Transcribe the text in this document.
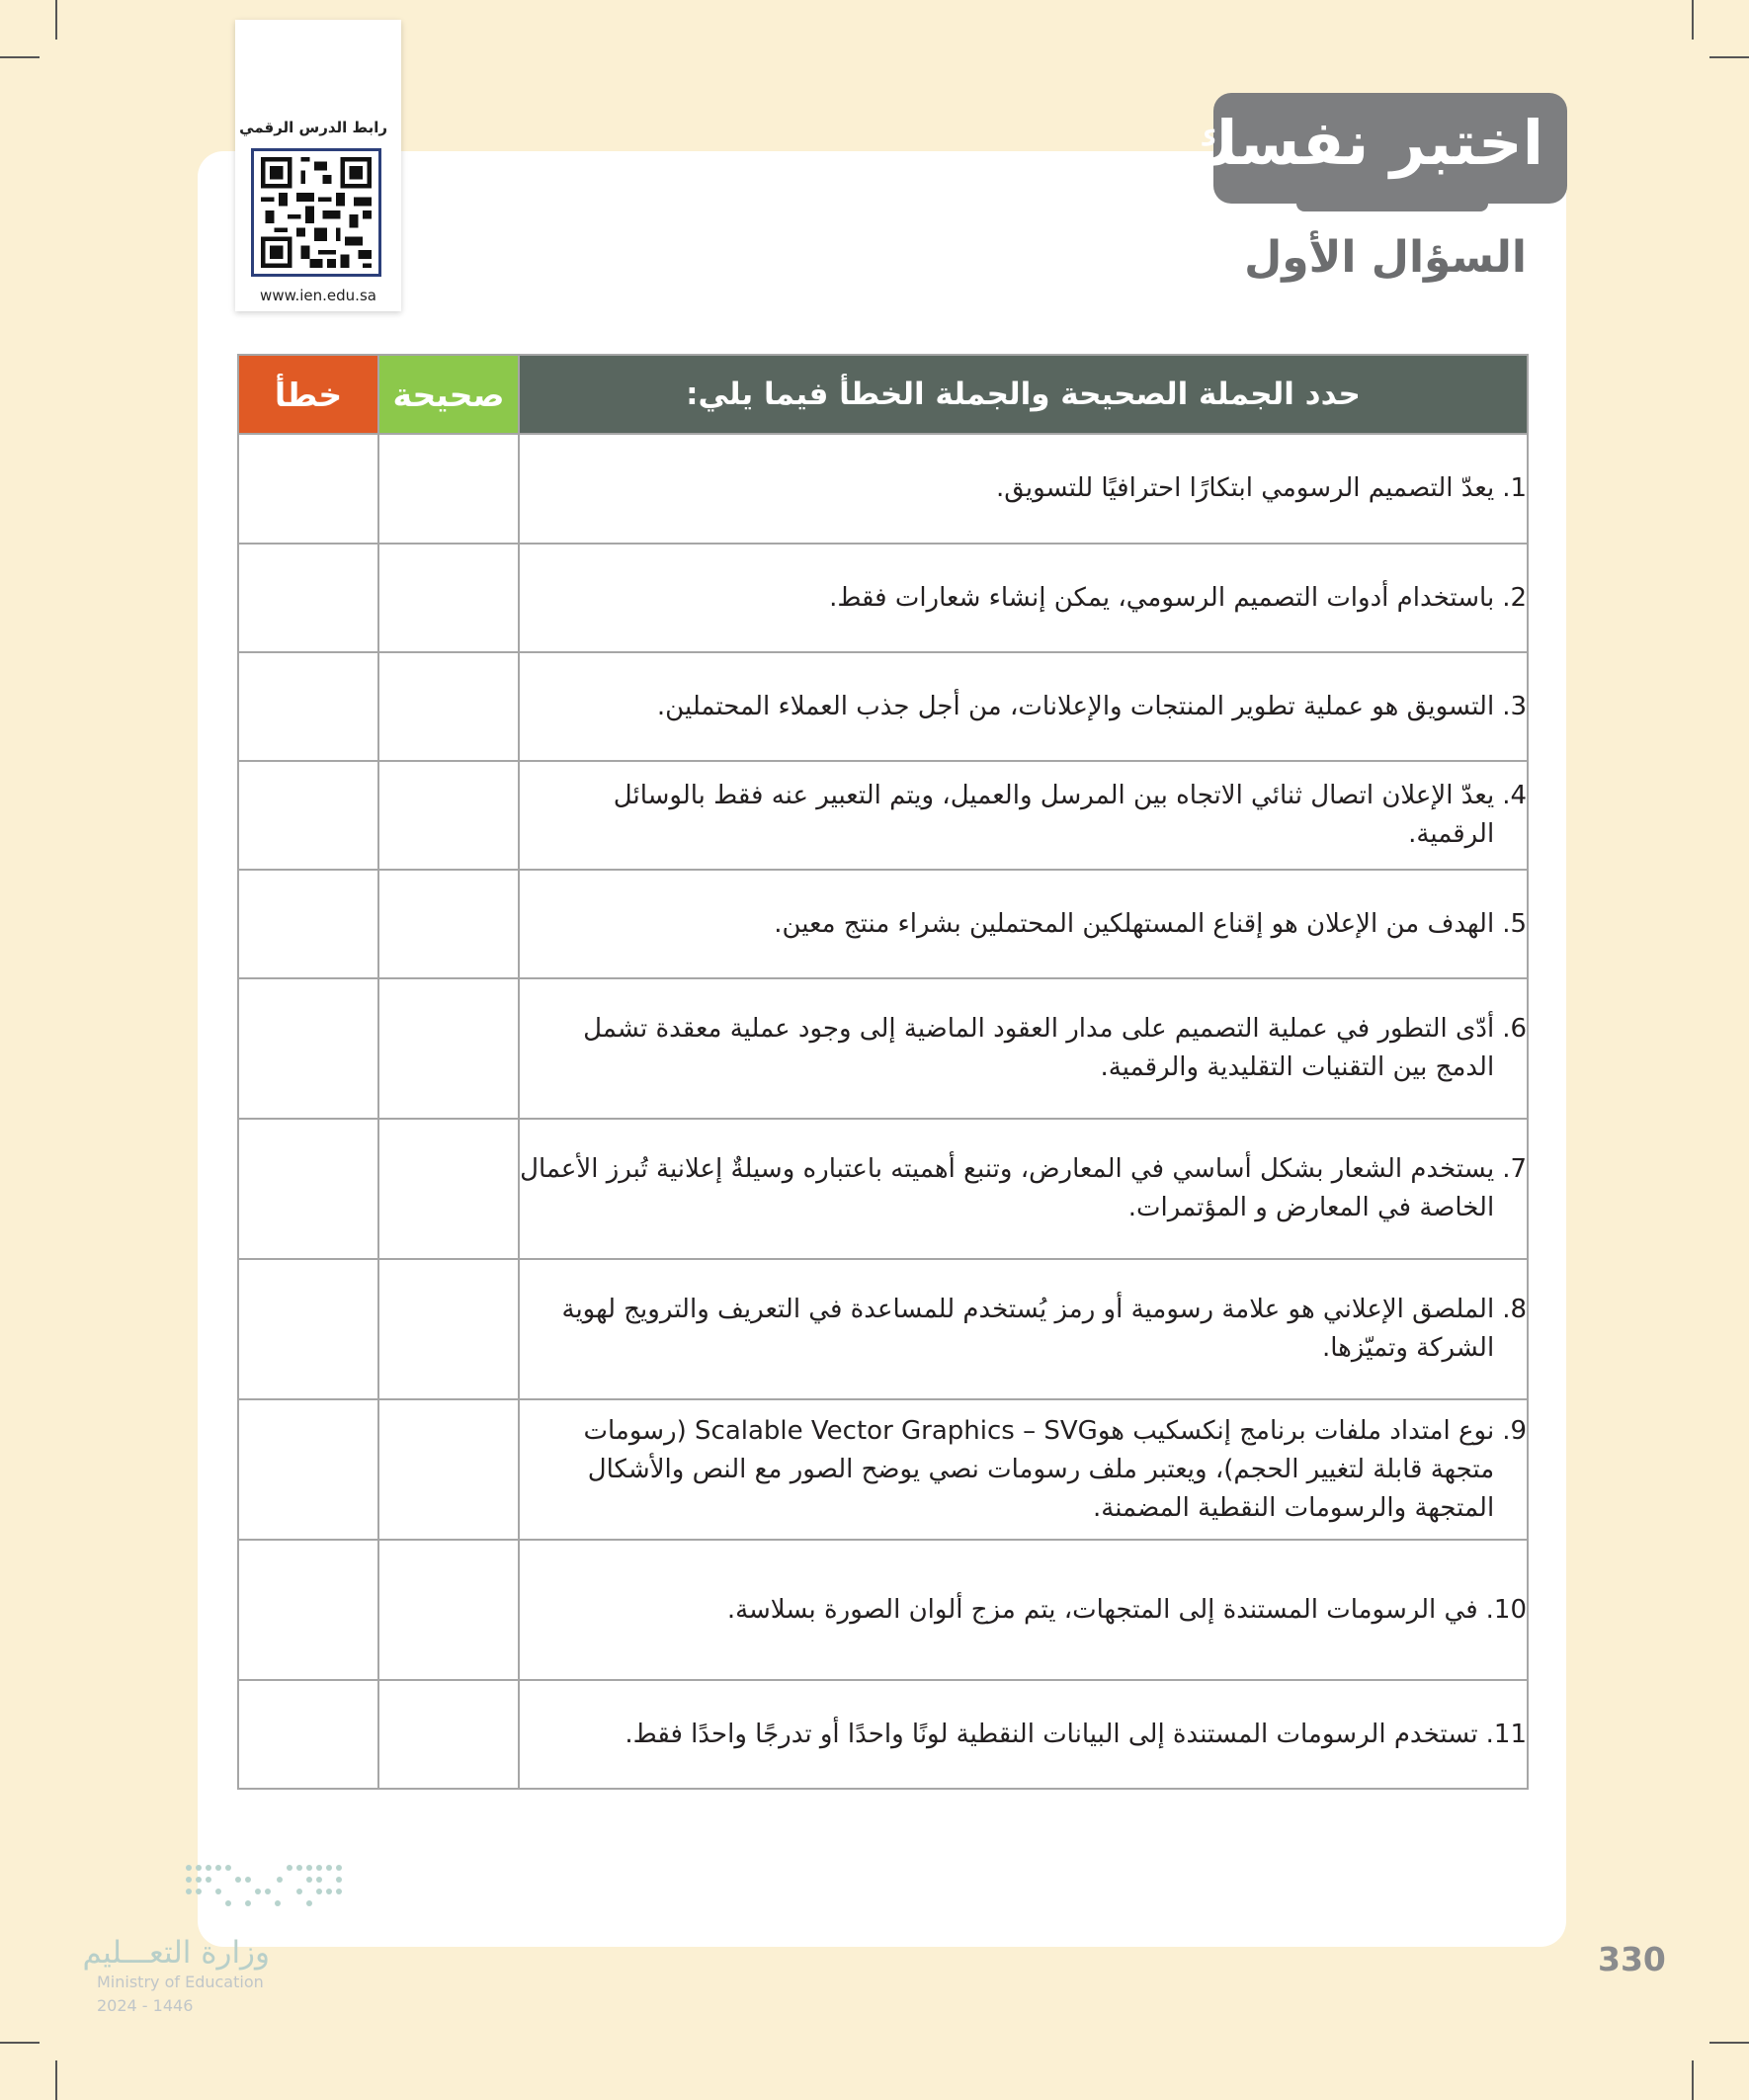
رابط الدرس الرقمي
www.ien.edu.sa
اختبر نفسك
السؤال الأول
حدد الجملة الصحيحة والجملة الخطأ فيما يلي:	صحيحة	خطأ

1.
يعدّ التصميم الرسومي ابتكارًا احترافيًا للتسويق.		

2.
باستخدام أدوات التصميم الرسومي، يمكن إنشاء شعارات فقط.		

3.
التسويق هو عملية تطوير المنتجات والإعلانات، من أجل جذب العملاء المحتملين.		

4.
يعدّ الإعلان اتصال ثنائي الاتجاه بين المرسل والعميل، ويتم التعبير عنه فقط بالوسائل الرقمية.		

5.
الهدف من الإعلان هو إقناع المستهلكين المحتملين بشراء منتج معين.		

6.
أدّى التطور في عملية التصميم على مدار العقود الماضية إلى وجود عملية معقدة تشمل الدمج بين التقنيات التقليدية والرقمية.		

7.
يستخدم الشعار بشكل أساسي في المعارض، وتنبع أهميته باعتباره وسيلةٌ إعلانية تُبرز الأعمال الخاصة في المعارض و المؤتمرات.		

8.
الملصق الإعلاني هو علامة رسومية أو رمز يُستخدم للمساعدة في التعريف والترويج لهوية الشركة وتميّزها.		

9.
نوع امتداد ملفات برنامج إنكسكيب هوScalable Vector Graphics – SVG (رسومات متجهة قابلة لتغيير الحجم)، ويعتبر ملف رسومات نصي يوضح الصور مع النص والأشكال المتجهة والرسومات النقطية المضمنة.		

10.
في الرسومات المستندة إلى المتجهات، يتم مزج ألوان الصورة بسلاسة.		

11.
تستخدم الرسومات المستندة إلى البيانات النقطية لونًا واحدًا أو تدرجًا واحدًا فقط.		

وزارة التعـــليم
Ministry of Education
2024 - 1446
330
